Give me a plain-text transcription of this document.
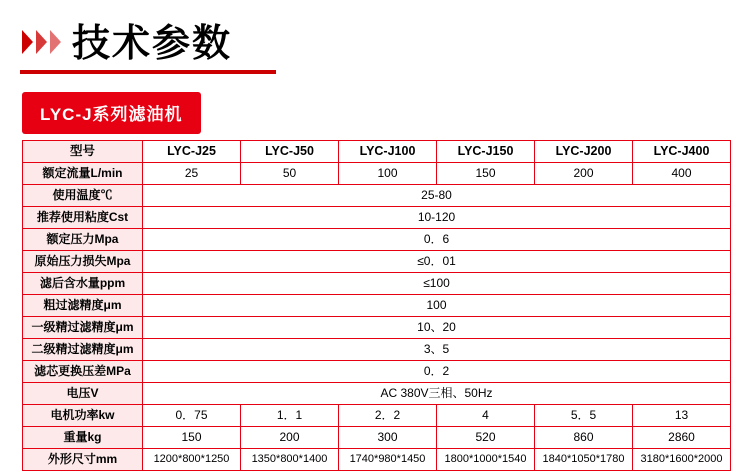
技术参数
LYC-J系列滤油机
型号	LYC-J25	LYC-J50	LYC-J100	LYC-J150	LYC-J200	LYC-J400
额定流量L/min	25	50	100	150	200	400
使用温度℃	25-80					
推荐使用粘度Cst	10-120					
额定压力Mpa	0．6					
原始压力损失Mpa	≤0．01					
滤后含水量ppm	≤100					
粗过滤精度μm	100					
一级精过滤精度μm	10、20					
二级精过滤精度μm	3、5					
滤芯更换压差MPa	0．2					
电压V	AC 380V三相、50Hz					
电机功率kw	0．75	1．1	2．2	4	5．5	13
重量kg	150	200	300	520	860	2860
外形尺寸mm	1200*800*1250	1350*800*1400	1740*980*1450	1800*1000*1540	1840*1050*1780	3180*1600*2000
